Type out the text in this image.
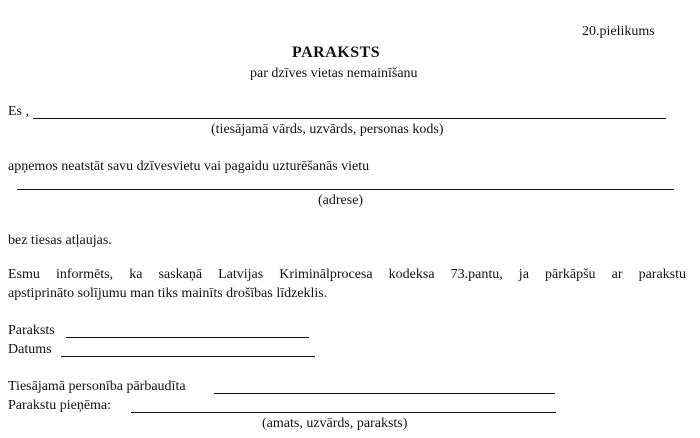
20.pielikums
PARAKSTS
par dzīves vietas nemainīšanu
Es ,
(tiesājamā vārds, uzvārds, personas kods)
apņemos neatstāt savu dzīvesvietu vai pagaidu uzturēšanās vietu
(adrese)
bez tiesas atļaujas.
Esmu informēts, ka saskaņā Latvijas Kriminālprocesa kodeksa 73.pantu, ja pārkāpšu ar parakstu
apstiprināto solījumu man tiks mainīts drošības līdzeklis.
Paraksts
Datums
Tiesājamā personība pārbaudīta
Parakstu pieņēma:
(amats, uzvārds, paraksts)
